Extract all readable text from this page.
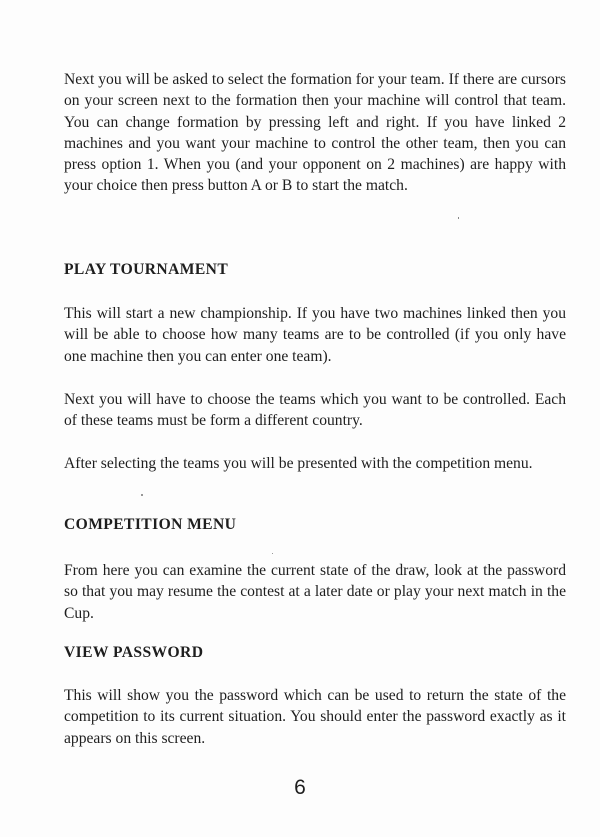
Next you will be asked to select the formation for your team. If there are cursors on your screen next to the formation then your machine will control that team. You can change formation by pressing left and right. If you have linked 2 machines and you want your machine to control the other team, then you can press option 1. When you (and your opponent on 2 machines) are happy with your choice then press button A or B to start the match.

PLAY TOURNAMENT

This will start a new championship. If you have two machines linked then you will be able to choose how many teams are to be controlled (if you only have one machine then you can enter one team).

Next you will have to choose the teams which you want to be controlled. Each of these teams must be form a different country.

After selecting the teams you will be presented with the competition menu.

COMPETITION MENU

From here you can examine the current state of the draw, look at the password so that you may resume the contest at a later date or play your next match in the Cup.

VIEW PASSWORD

This will show you the password which can be used to return the state of the competition to its current situation. You should enter the password exactly as it appears on this screen.

6
